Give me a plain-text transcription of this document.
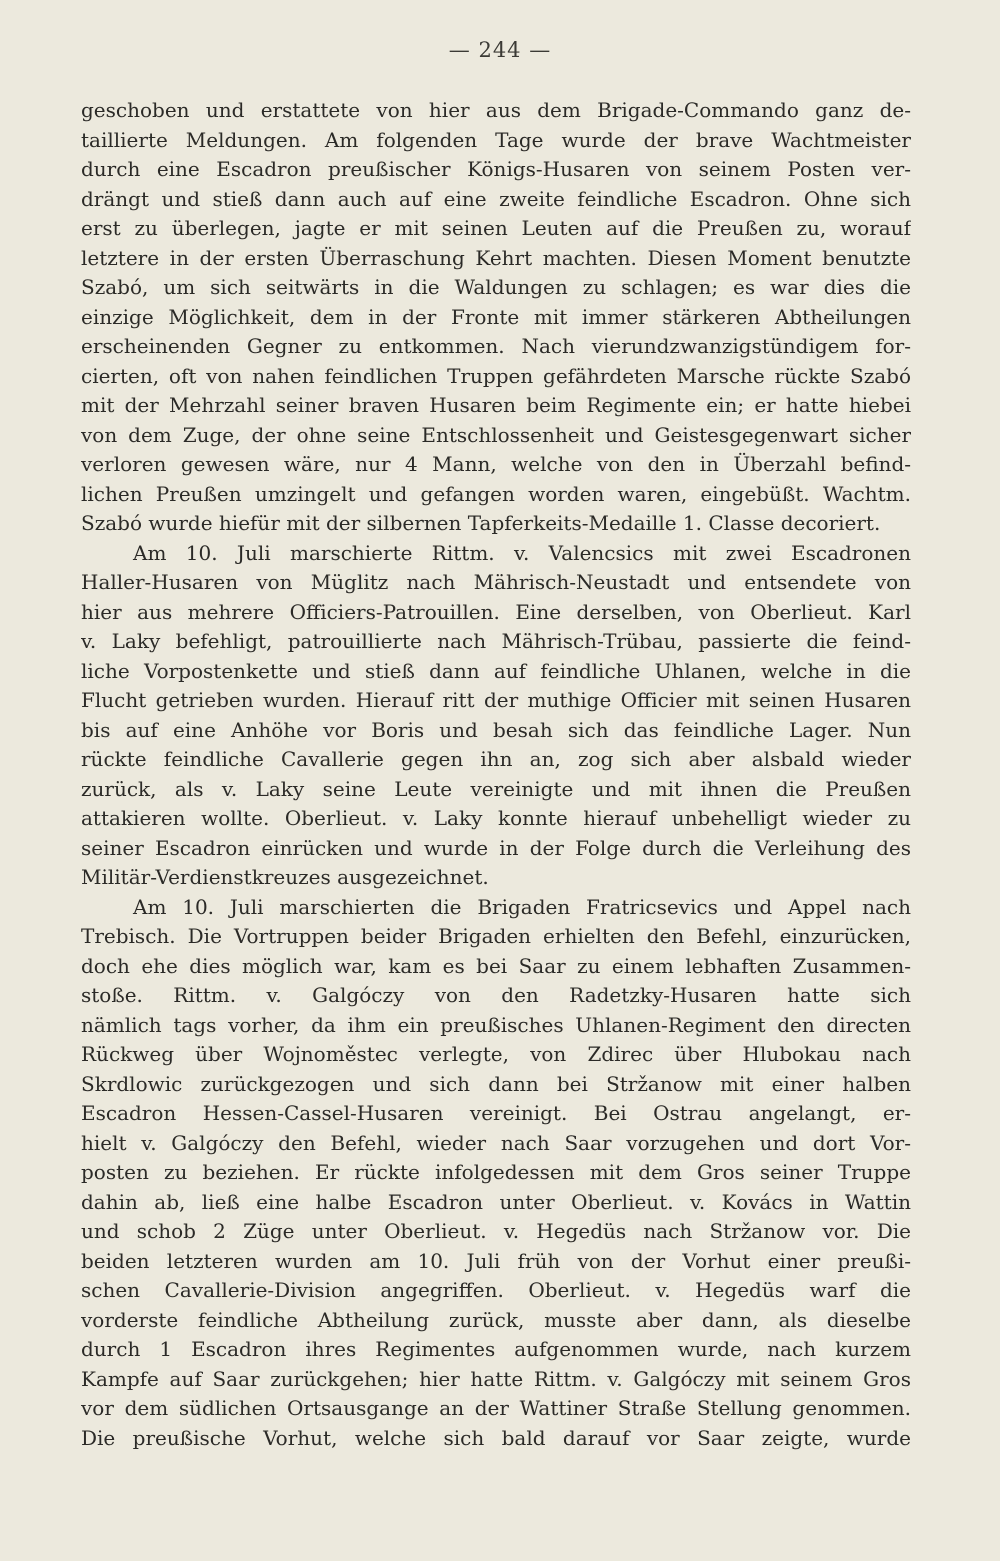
— 244 —
geschoben und erstattete von hier aus dem Brigade-Commando ganz de-
taillierte Meldungen. Am folgenden Tage wurde der brave Wachtmeister
durch eine Escadron preußischer Königs-Husaren von seinem Posten ver-
drängt und stieß dann auch auf eine zweite feindliche Escadron. Ohne sich
erst zu überlegen, jagte er mit seinen Leuten auf die Preußen zu, worauf
letztere in der ersten Überraschung Kehrt machten. Diesen Moment benutzte
Szabó, um sich seitwärts in die Waldungen zu schlagen; es war dies die
einzige Möglichkeit, dem in der Fronte mit immer stärkeren Abtheilungen
erscheinenden Gegner zu entkommen. Nach vierundzwanzigstündigem for-
cierten, oft von nahen feindlichen Truppen gefährdeten Marsche rückte Szabó
mit der Mehrzahl seiner braven Husaren beim Regimente ein; er hatte hiebei
von dem Zuge, der ohne seine Entschlossenheit und Geistesgegenwart sicher
verloren gewesen wäre, nur 4 Mann, welche von den in Überzahl befind-
lichen Preußen umzingelt und gefangen worden waren, eingebüßt. Wachtm.
Szabó wurde hiefür mit der silbernen Tapferkeits-Medaille 1. Classe decoriert.
Am 10. Juli marschierte Rittm. v. Valencsics mit zwei Escadronen
Haller-Husaren von Müglitz nach Mährisch-Neustadt und entsendete von
hier aus mehrere Officiers-Patrouillen. Eine derselben, von Oberlieut. Karl
v. Laky befehligt, patrouillierte nach Mährisch-Trübau, passierte die feind-
liche Vorpostenkette und stieß dann auf feindliche Uhlanen, welche in die
Flucht getrieben wurden. Hierauf ritt der muthige Officier mit seinen Husaren
bis auf eine Anhöhe vor Boris und besah sich das feindliche Lager. Nun
rückte feindliche Cavallerie gegen ihn an, zog sich aber alsbald wieder
zurück, als v. Laky seine Leute vereinigte und mit ihnen die Preußen
attakieren wollte. Oberlieut. v. Laky konnte hierauf unbehelligt wieder zu
seiner Escadron einrücken und wurde in der Folge durch die Verleihung des
Militär-Verdienstkreuzes ausgezeichnet.
Am 10. Juli marschierten die Brigaden Fratricsevics und Appel nach
Trebisch. Die Vortruppen beider Brigaden erhielten den Befehl, einzurücken,
doch ehe dies möglich war, kam es bei Saar zu einem lebhaften Zusammen-
stoße. Rittm. v. Galgóczy von den Radetzky-Husaren hatte sich
nämlich tags vorher, da ihm ein preußisches Uhlanen-Regiment den directen
Rückweg über Wojnoměstec verlegte, von Zdirec über Hlubokau nach
Skrdlowic zurückgezogen und sich dann bei Stržanow mit einer halben
Escadron Hessen-Cassel-Husaren vereinigt. Bei Ostrau angelangt, er-
hielt v. Galgóczy den Befehl, wieder nach Saar vorzugehen und dort Vor-
posten zu beziehen. Er rückte infolgedessen mit dem Gros seiner Truppe
dahin ab, ließ eine halbe Escadron unter Oberlieut. v. Kovács in Wattin
und schob 2 Züge unter Oberlieut. v. Hegedüs nach Stržanow vor. Die
beiden letzteren wurden am 10. Juli früh von der Vorhut einer preußi-
schen Cavallerie-Division angegriffen. Oberlieut. v. Hegedüs warf die
vorderste feindliche Abtheilung zurück, musste aber dann, als dieselbe
durch 1 Escadron ihres Regimentes aufgenommen wurde, nach kurzem
Kampfe auf Saar zurückgehen; hier hatte Rittm. v. Galgóczy mit seinem Gros
vor dem südlichen Ortsausgange an der Wattiner Straße Stellung genommen.
Die preußische Vorhut, welche sich bald darauf vor Saar zeigte, wurde
